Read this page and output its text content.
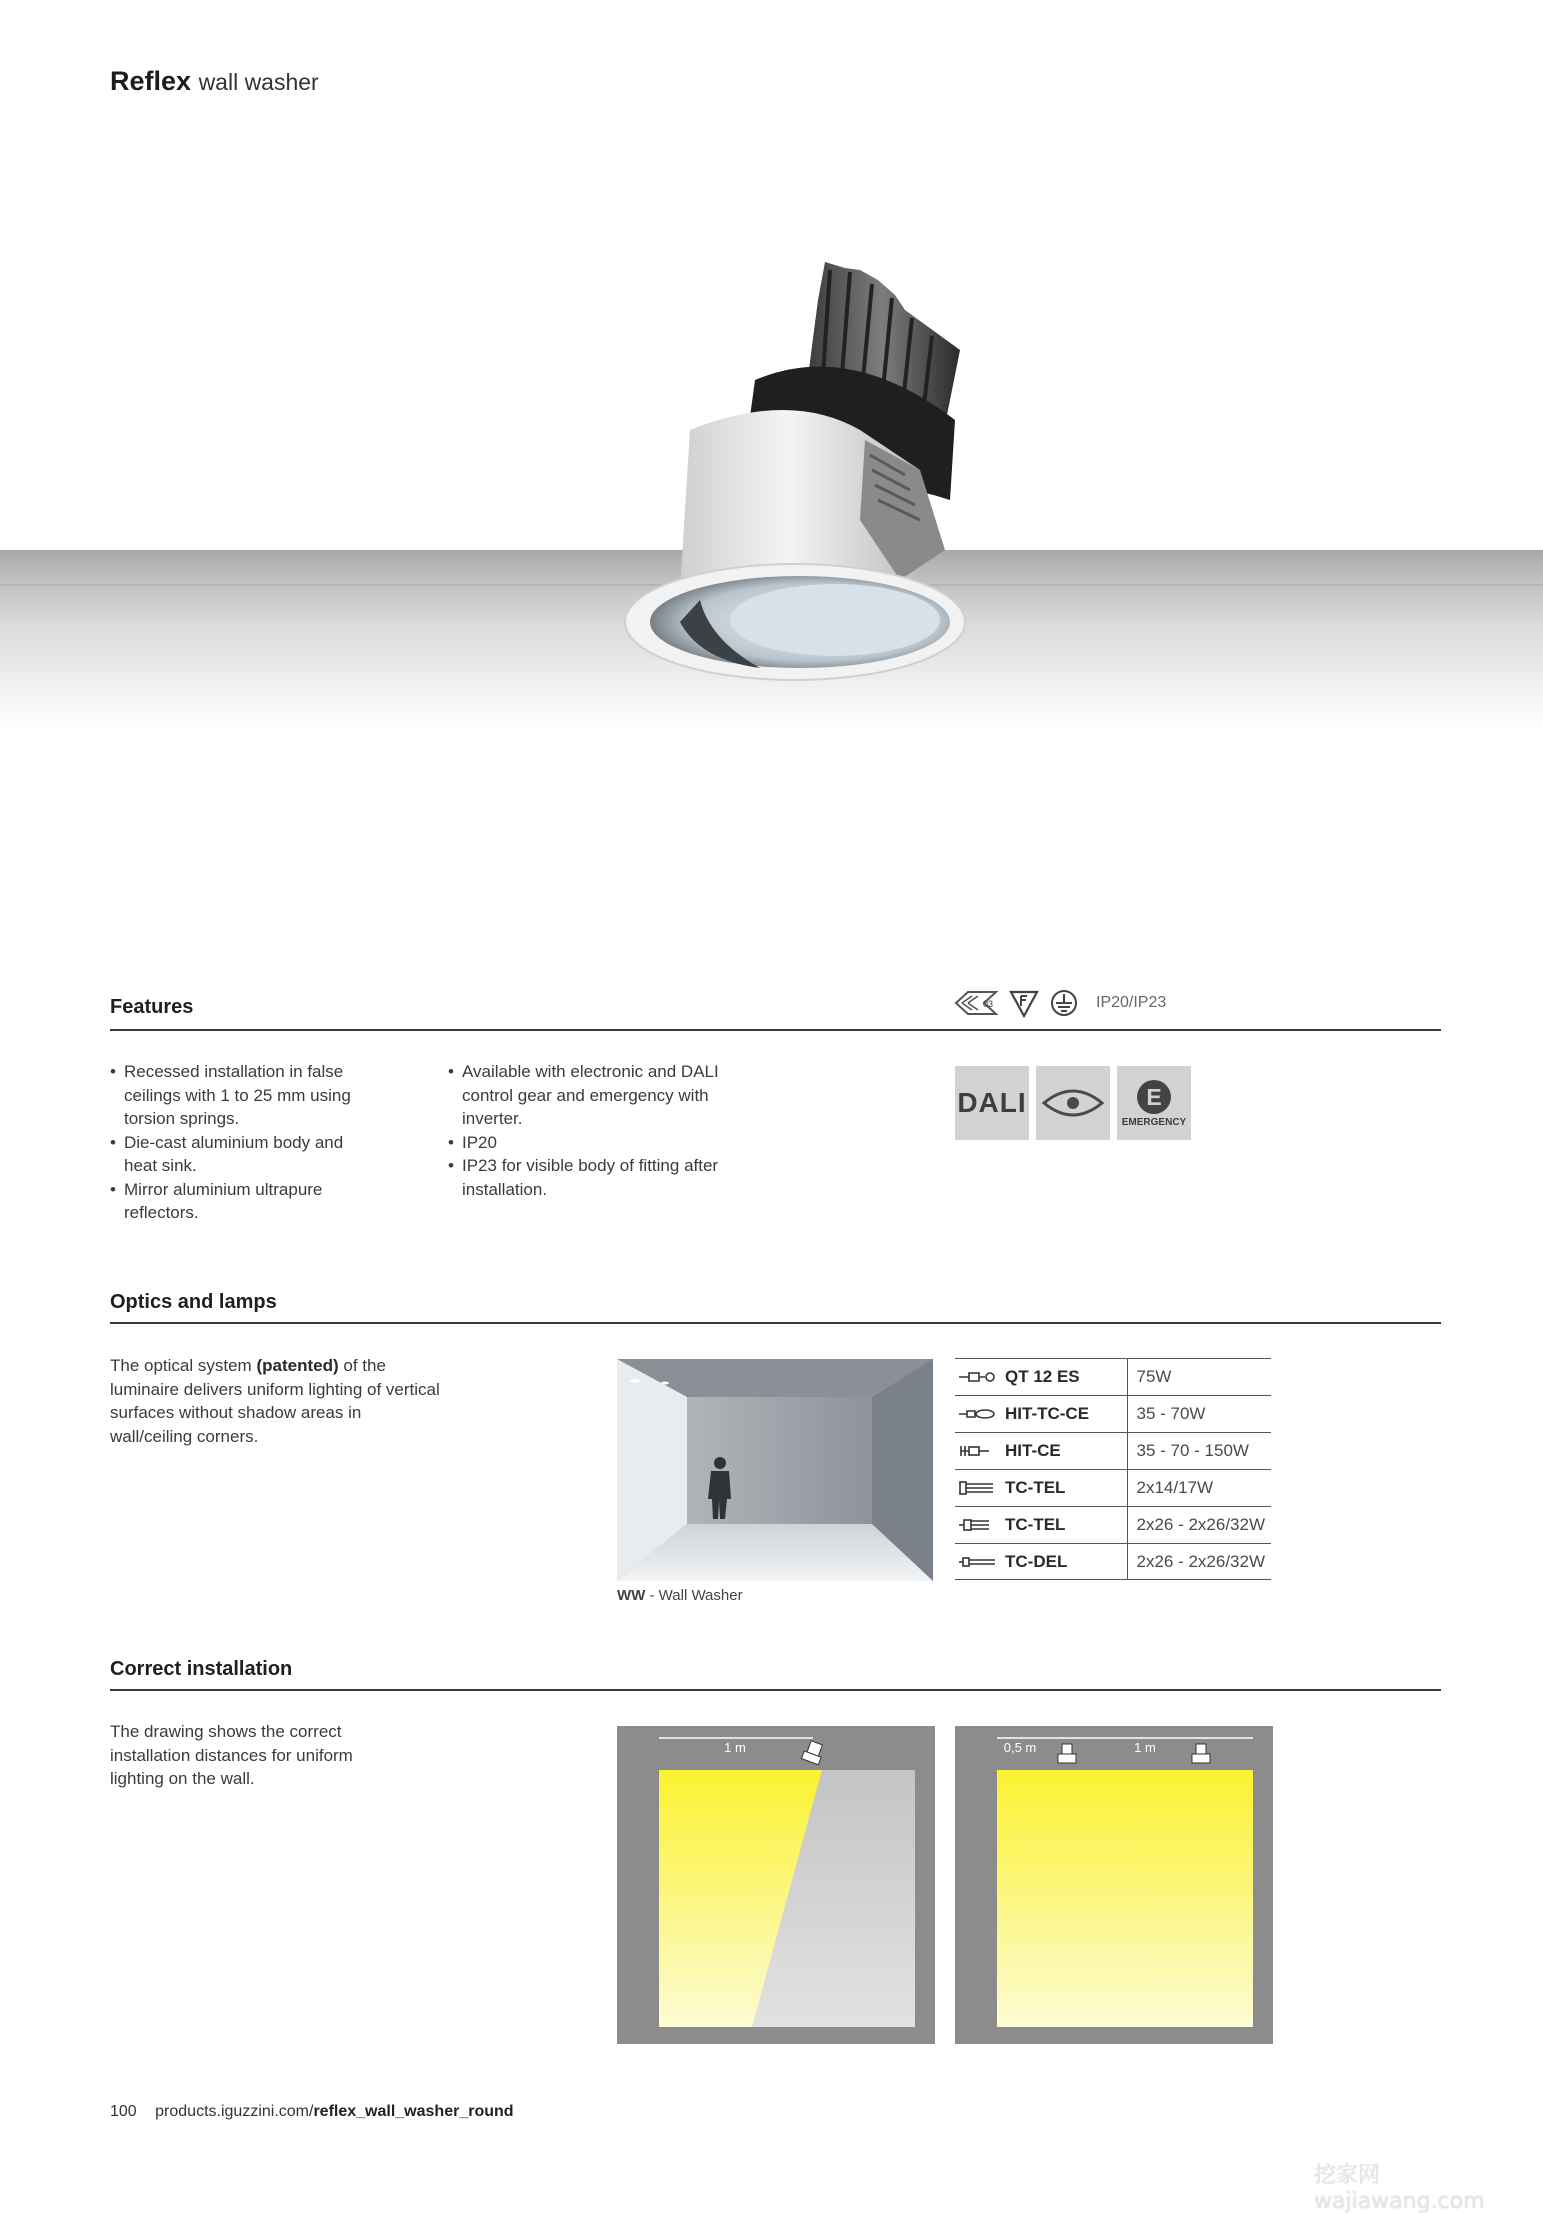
Reflex wall washer
Features	03	IP20/IP23
• Recessed installation in false ceilings with 1 to 25 mm using torsion springs.
• Die-cast aluminium body and heat sink.
• Mirror aluminium ultrapure reflectors.
• Available with electronic and DALI control gear and emergency with inverter.
• IP20
• IP23 for visible body of fitting after installation.
DALI	E
EMERGENCY
Optics and lamps
The optical system (patented) of the luminaire delivers uniform lighting of vertical surfaces without shadow areas in wall/ceiling corners.
WW - Wall Washer
QT 12 ES	75W
HIT-TC-CE	35 - 70W
HIT-CE	35 - 70 - 150W
TC-TEL	2x14/17W
TC-TEL	2x26 - 2x26/32W
TC-DEL	2x26 - 2x26/32W
Correct installation
The drawing shows the correct installation distances for uniform lighting on the wall.
1 m	0,5 m	1 m
100 products.iguzzini.com/reflex_wall_washer_round
挖家网 wajiawang.com
